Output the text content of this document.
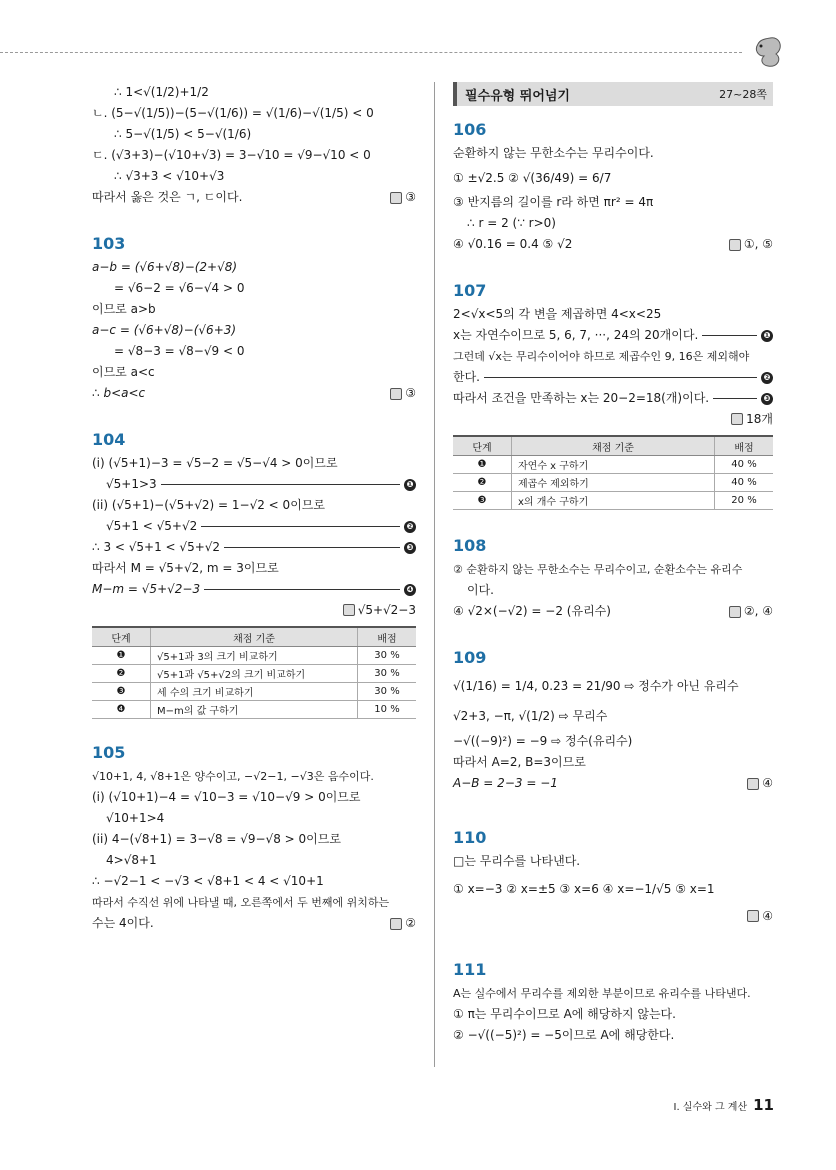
∴ 1<√(1/2)+1/2
ㄴ. (5−√(1/5))−(5−√(1/6)) = √(1/6)−√(1/5) < 0
∴ 5−√(1/5) < 5−√(1/6)
ㄷ. (√3+3)−(√10+√3) = 3−√10 = √9−√10 < 0
∴ √3+3 < √10+√3
따라서 옳은 것은 ㄱ, ㄷ이다.	③
103
a−b = (√6+√8)−(2+√8)
= √6−2 = √6−√4 > 0
이므로 a>b
a−c = (√6+√8)−(√6+3)
= √8−3 = √8−√9 < 0
이므로 a<c
∴ b<a<c	③
104
(i) (√5+1)−3 = √5−2 = √5−√4 > 0이므로
√5+1>3	❶
(ii) (√5+1)−(√5+√2) = 1−√2 < 0이므로
√5+1 < √5+√2	❷
∴ 3 < √5+1 < √5+√2	❸
따라서 M = √5+√2, m = 3이므로
M−m = √5+√2−3	❹
√5+√2−3
단계	채점 기준	배점
❶	√5+1과 3의 크기 비교하기	30 %
❷	√5+1과 √5+√2의 크기 비교하기	30 %
❸	세 수의 크기 비교하기	30 %
❹	M−m의 값 구하기	10 %
105
√10+1, 4, √8+1은 양수이고, −√2−1, −√3은 음수이다.
(i) (√10+1)−4 = √10−3 = √10−√9 > 0이므로
√10+1>4
(ii) 4−(√8+1) = 3−√8 = √9−√8 > 0이므로
4>√8+1
∴ −√2−1 < −√3 < √8+1 < 4 < √10+1
따라서 수직선 위에 나타낼 때, 오른쪽에서 두 번째에 위치하는
수는 4이다.	②
필수유형 뛰어넘기	27~28쪽
106
순환하지 않는 무한소수는 무리수이다.
① ±√2.5 ② √(36/49) = 6/7
③ 반지름의 길이를 r라 하면 πr² = 4π
∴ r = 2 (∵ r>0)
④ √0.16 = 0.4 ⑤ √2	①, ⑤
107
2<√x<5의 각 변을 제곱하면 4<x<25
x는 자연수이므로 5, 6, 7, ···, 24의 20개이다.	❶
그런데 √x는 무리수이어야 하므로 제곱수인 9, 16은 제외해야
한다.	❷
따라서 조건을 만족하는 x는 20−2=18(개)이다.	❸
18개
단계	채점 기준	배점
❶	자연수 x 구하기	40 %
❷	제곱수 제외하기	40 %
❸	x의 개수 구하기	20 %
108
② 순환하지 않는 무한소수는 무리수이고, 순환소수는 유리수
이다.
④ √2×(−√2) = −2 (유리수)	②, ④
109
√(1/16) = 1/4, 0.23̇ = 21/90 ⇨ 정수가 아닌 유리수
√2+3, −π, √(1/2) ⇨ 무리수
−√((−9)²) = −9 ⇨ 정수(유리수)
따라서 A=2, B=3이므로
A−B = 2−3 = −1	④
110
□는 무리수를 나타낸다.
① x=−3 ② x=±5 ③ x=6 ④ x=−1/√5 ⑤ x=1
④
111
A는 실수에서 무리수를 제외한 부분이므로 유리수를 나타낸다.
① π는 무리수이므로 A에 해당하지 않는다.
② −√((−5)²) = −5이므로 A에 해당한다.
I. 실수와 그 계산 11
